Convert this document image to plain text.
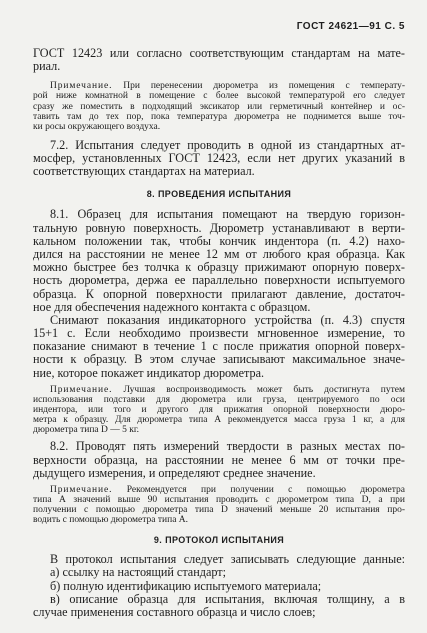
ГОСТ 24621—91 С. 5
ГОСТ 12423 или согласно соответствующим стандартам на мате-
риал.
Примечание. При перенесении дюрометра из помещения с температу-
рой ниже комнатной в помещение с более высокой температурой его следует
сразу же поместить в подходящий эксикатор или герметичный контейнер и ос-
тавить там до тех пор, пока температура дюрометра не поднимется выше точ-
ки росы окружающего воздуха.
7.2. Испытания следует проводить в одной из стандартных ат-
мосфер, установленных ГОСТ 12423, если нет других указаний в
соответствующих стандартах на материал.
8. ПРОВЕДЕНИЯ ИСПЫТАНИЯ
8.1. Образец для испытания помещают на твердую горизон-
тальную ровную поверхность. Дюрометр устанавливают в верти-
кальном положении так, чтобы кончик индентора (п. 4.2) нахо-
дился на расстоянии не менее 12 мм от любого края образца. Как
можно быстрее без толчка к образцу прижимают опорную поверх-
ность дюрометра, держа ее параллельно поверхности испытуемого
образца. К опорной поверхности прилагают давление, достаточ-
ное для обеспечения надежного контакта с образцом.
Снимают показания индикаторного устройства (п. 4.3) спустя
15+1 с. Если необходимо произвести мгновенное измерение, то
показание снимают в течение 1 с после прижатия опорной поверх-
ности к образцу. В этом случае записывают максимальное значе-
ние, которое покажет индикатор дюрометра.
Примечание. Лучшая воспроизводимость может быть достигнута путем
использования подставки для дюрометра или груза, центрируемого по оси
индентора, или того и другого для прижатия опорной поверхности дюро-
метра к образцу. Для дюрометра типа А рекомендуется масса груза 1 кг, а для
дюрометра типа D — 5 кг.
8.2. Проводят пять измерений твердости в разных местах по-
верхности образца, на расстоянии не менее 6 мм от точки пре-
дыдущего измерения, и определяют среднее значение.
Примечание. Рекомендуется при получении с помощью дюрометра
типа А значений выше 90 испытания проводить с дюрометром типа D, а при
получении с помощью дюрометра типа D значений меньше 20 испытания про-
водить с помощью дюрометра типа А.
9. ПРОТОКОЛ ИСПЫТАНИЯ
В протокол испытания следует записывать следующие данные:
а) ссылку на настоящий стандарт;
б) полную идентификацию испытуемого материала;
в) описание образца для испытания, включая толщину, а в
случае применения составного образца и число слоев;
